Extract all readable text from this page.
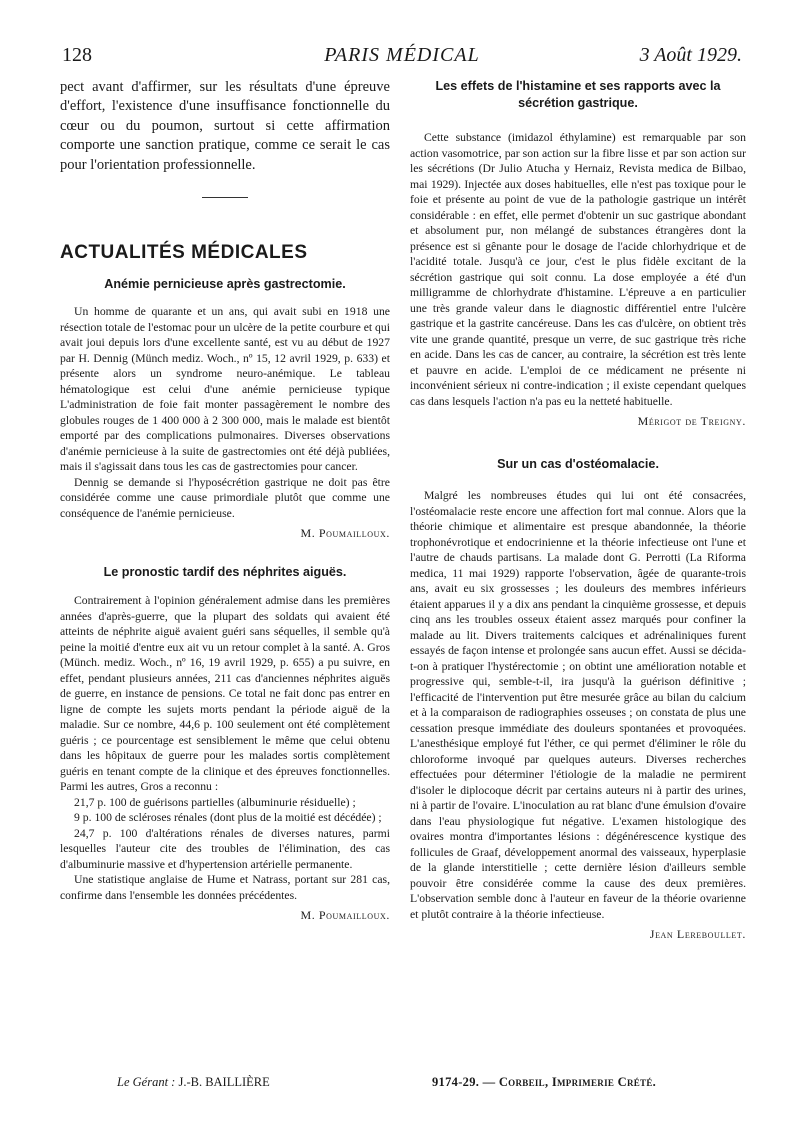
128	PARIS MÉDICAL	3 Août 1929.

pect avant d'affirmer, sur les résultats d'une épreuve d'effort, l'existence d'une insuffisance fonctionnelle du cœur ou du poumon, surtout si cette affirmation comporte une sanction pratique, comme ce serait le cas pour l'orientation professionnelle.

ACTUALITÉS MÉDICALES
Anémie pernicieuse après gastrectomie.

Un homme de quarante et un ans, qui avait subi en 1918 une résection totale de l'estomac pour un ulcère de la petite courbure et qui avait joui depuis lors d'une excellente santé, est vu au début de 1927 par H. Dennig (Münch mediz. Woch., nº 15, 12 avril 1929, p. 633) et présente alors un syndrome neuro-anémique. Le tableau hématologique est celui d'une anémie pernicieuse typique L'administration de foie fait monter passagèrement le nombre des globules rouges de 1 400 000 à 2 300 000, mais le malade est bientôt emporté par des complications pulmonaires. Diverses observations d'anémie pernicieuse à la suite de gastrectomies ont été déjà publiées, mais il s'agissait dans tous les cas de gastrectomies pour cancer.

Dennig se demande si l'hyposécrétion gastrique ne doit pas être considérée comme une cause primordiale plutôt que comme une conséquence de l'anémie pernicieuse.

M. Poumailloux.
Le pronostic tardif des néphrites aiguës.

Contrairement à l'opinion généralement admise dans les premières années d'après-guerre, que la plupart des soldats qui avaient été atteints de néphrite aiguë avaient guéri sans séquelles, il semble qu'à peine la moitié d'entre eux ait vu un retour complet à la santé. A. Gros (Münch. mediz. Woch., nº 16, 19 avril 1929, p. 655) a pu suivre, en effet, pendant plusieurs années, 211 cas d'anciennes néphrites aiguës de guerre, en instance de pensions. Ce total ne fait donc pas entrer en ligne de compte les sujets morts pendant la période aiguë de la maladie. Sur ce nombre, 44,6 p. 100 seulement ont été complètement guéris ; ce pourcentage est sensiblement le même que celui obtenu dans les hôpitaux de guerre pour les malades sortis complètement guéris en tenant compte de la clinique et des épreuves fonctionnelles. Parmi les autres, Gros a reconnu :

21,7 p. 100 de guérisons partielles (albuminurie résiduelle) ;

9 p. 100 de scléroses rénales (dont plus de la moitié est décédée) ;

24,7 p. 100 d'altérations rénales de diverses natures, parmi lesquelles l'auteur cite des troubles de l'élimination, des cas d'albuminurie massive et d'hypertension artérielle permanente.

Une statistique anglaise de Hume et Natrass, portant sur 281 cas, confirme dans l'ensemble les données précédentes.

M. Poumailloux.
Les effets de l'histamine et ses rapports avec la sécrétion gastrique.

Cette substance (imidazol éthylamine) est remarquable par son action vasomotrice, par son action sur la fibre lisse et par son action sur les sécrétions (Dr Julio Atucha y Hernaiz, Revista medica de Bilbao, mai 1929). Injectée aux doses habituelles, elle n'est pas toxique pour le foie et présente au point de vue de la pathologie gastrique un intérêt considérable : en effet, elle permet d'obtenir un suc gastrique abondant et absolument pur, non mélangé de substances étrangères dont la présence est si gênante pour le dosage de l'acide chlorhydrique et de l'acidité totale. Jusqu'à ce jour, c'est le plus fidèle excitant de la sécrétion gastrique qui soit connu. La dose employée a été d'un milligramme de chlorhydrate d'histamine. L'épreuve a en particulier une très grande valeur dans le diagnostic différentiel entre l'ulcère gastrique et la gastrite cancéreuse. Dans les cas d'ulcère, on obtient très vite une grande quantité, presque un verre, de suc gastrique très riche en acide. Dans les cas de cancer, au contraire, la sécrétion est très lente et pauvre en acide. L'emploi de ce médicament ne présente ni inconvénient sérieux ni contre-indication ; il existe cependant quelques cas dans lesquels l'action n'a pas eu la netteté habituelle.

Mérigot de Treigny.
Sur un cas d'ostéomalacie.

Malgré les nombreuses études qui lui ont été consacrées, l'ostéomalacie reste encore une affection fort mal connue. Alors que la théorie chimique et alimentaire est presque abandonnée, la théorie trophonévrotique et endocrinienne et la théorie infectieuse ont l'une et l'autre de chauds partisans. La malade dont G. Perrotti (La Riforma medica, 11 mai 1929) rapporte l'observation, âgée de quarante-trois ans, avait eu six grossesses ; les douleurs des membres inférieurs étaient apparues il y a dix ans pendant la cinquième grossesse, et depuis cinq ans les troubles osseux étaient assez marqués pour confiner la malade au lit. Divers traitements calciques et adrénaliniques furent essayés de façon intense et prolongée sans aucun effet. Aussi se décida-t-on à pratiquer l'hystérectomie ; on obtint une amélioration notable et progressive qui, semble-t-il, ira jusqu'à la guérison définitive ; l'efficacité de l'intervention put être mesurée grâce au bilan du calcium et à la comparaison de radiographies osseuses ; on constata de plus une cessation presque immédiate des douleurs spontanées et provoquées. L'anesthésique employé fut l'éther, ce qui permet d'éliminer le rôle du chloroforme invoqué par quelques auteurs. Diverses recherches effectuées pour déterminer l'étiologie de la maladie ne permirent d'isoler le diplocoque décrit par certains auteurs ni à partir des urines, ni à partir de l'ovaire. L'inoculation au rat blanc d'une émulsion d'ovaire dans l'eau physiologique fut négative. L'examen histologique des ovaires montra d'importantes lésions : dégénérescence kystique des follicules de Graaf, développement anormal des vaisseaux, hyperplasie de la glande interstitielle ; cette dernière lésion d'ailleurs semble pouvoir être considérée comme la cause des deux premières. L'observation semble donc à l'auteur en faveur de la théorie ovarienne et plutôt contraire à la théorie infectieuse.

Jean Lereboullet.
Le Gérant : J.-B. BAILLIÈRE	9174-29. — Corbeil, Imprimerie Crété.
